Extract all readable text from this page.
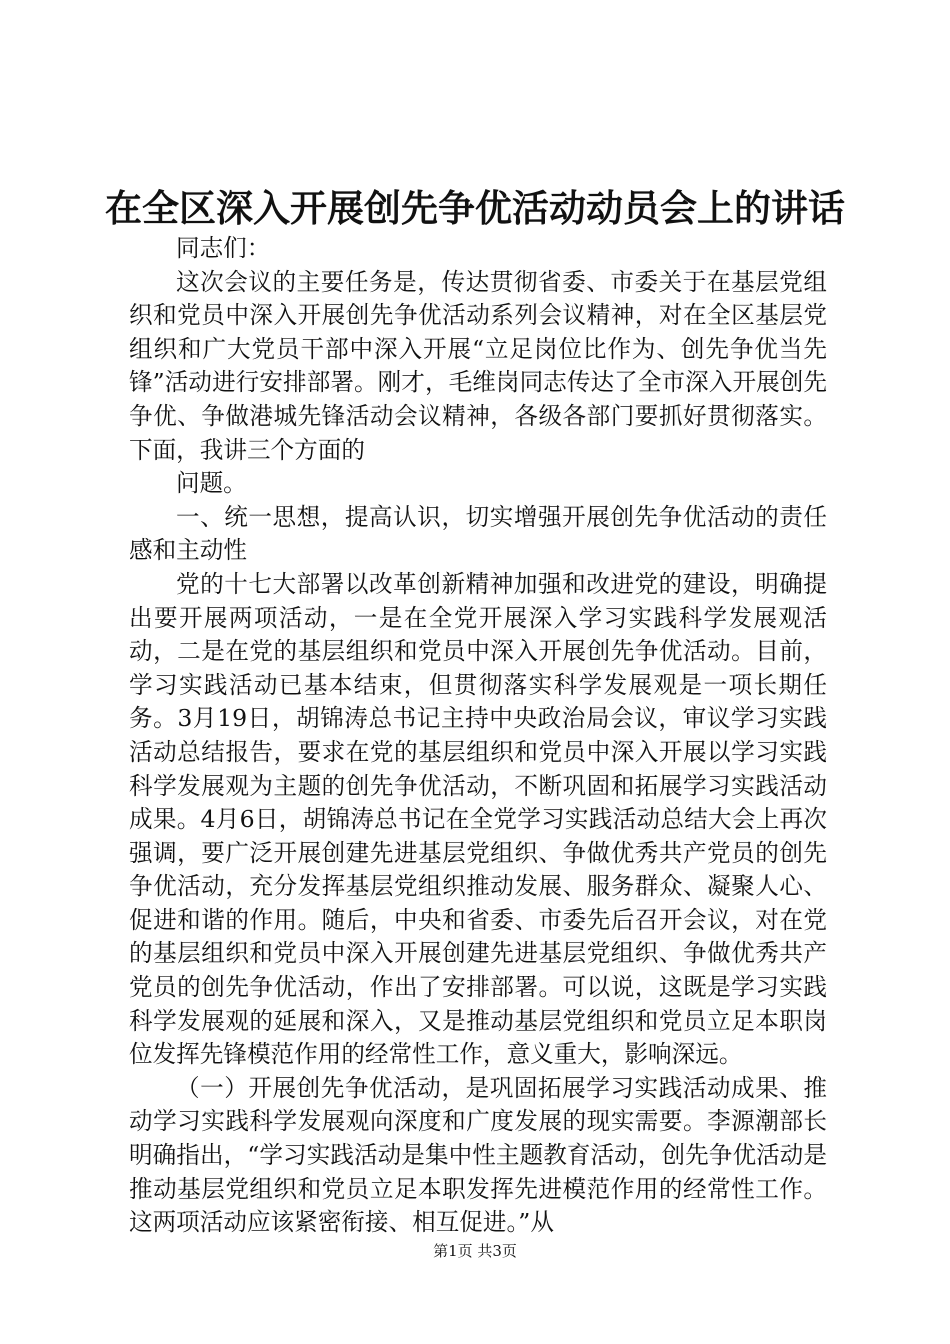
在全区深入开展创先争优活动动员会上的讲话

同志们：

这次会议的主要任务是，传达贯彻省委、市委关于在基层党组织和党员中深入开展创先争优活动系列会议精神，对在全区基层党组织和广大党员干部中深入开展“立足岗位比作为、创先争优当先锋”活动进行安排部署。刚才，毛维岗同志传达了全市深入开展创先争优、争做港城先锋活动会议精神，各级各部门要抓好贯彻落实。下面，我讲三个方面的

问题。

一、统一思想，提高认识，切实增强开展创先争优活动的责任感和主动性

党的十七大部署以改革创新精神加强和改进党的建设，明确提出要开展两项活动，一是在全党开展深入学习实践科学发展观活动，二是在党的基层组织和党员中深入开展创先争优活动。目前，学习实践活动已基本结束，但贯彻落实科学发展观是一项长期任务。3月19日，胡锦涛总书记主持中央政治局会议，审议学习实践活动总结报告，要求在党的基层组织和党员中深入开展以学习实践科学发展观为主题的创先争优活动，不断巩固和拓展学习实践活动成果。4月6日，胡锦涛总书记在全党学习实践活动总结大会上再次强调，要广泛开展创建先进基层党组织、争做优秀共产党员的创先争优活动，充分发挥基层党组织推动发展、服务群众、凝聚人心、促进和谐的作用。随后，中央和省委、市委先后召开会议，对在党的基层组织和党员中深入开展创建先进基层党组织、争做优秀共产党员的创先争优活动，作出了安排部署。可以说，这既是学习实践科学发展观的延展和深入，又是推动基层党组织和党员立足本职岗位发挥先锋模范作用的经常性工作，意义重大，影响深远。

（一）开展创先争优活动，是巩固拓展学习实践活动成果、推动学习实践科学发展观向深度和广度发展的现实需要。李源潮部长明确指出，“学习实践活动是集中性主题教育活动，创先争优活动是推动基层党组织和党员立足本职发挥先进模范作用的经常性工作。这两项活动应该紧密衔接、相互促进。”从

第1页 共3页
